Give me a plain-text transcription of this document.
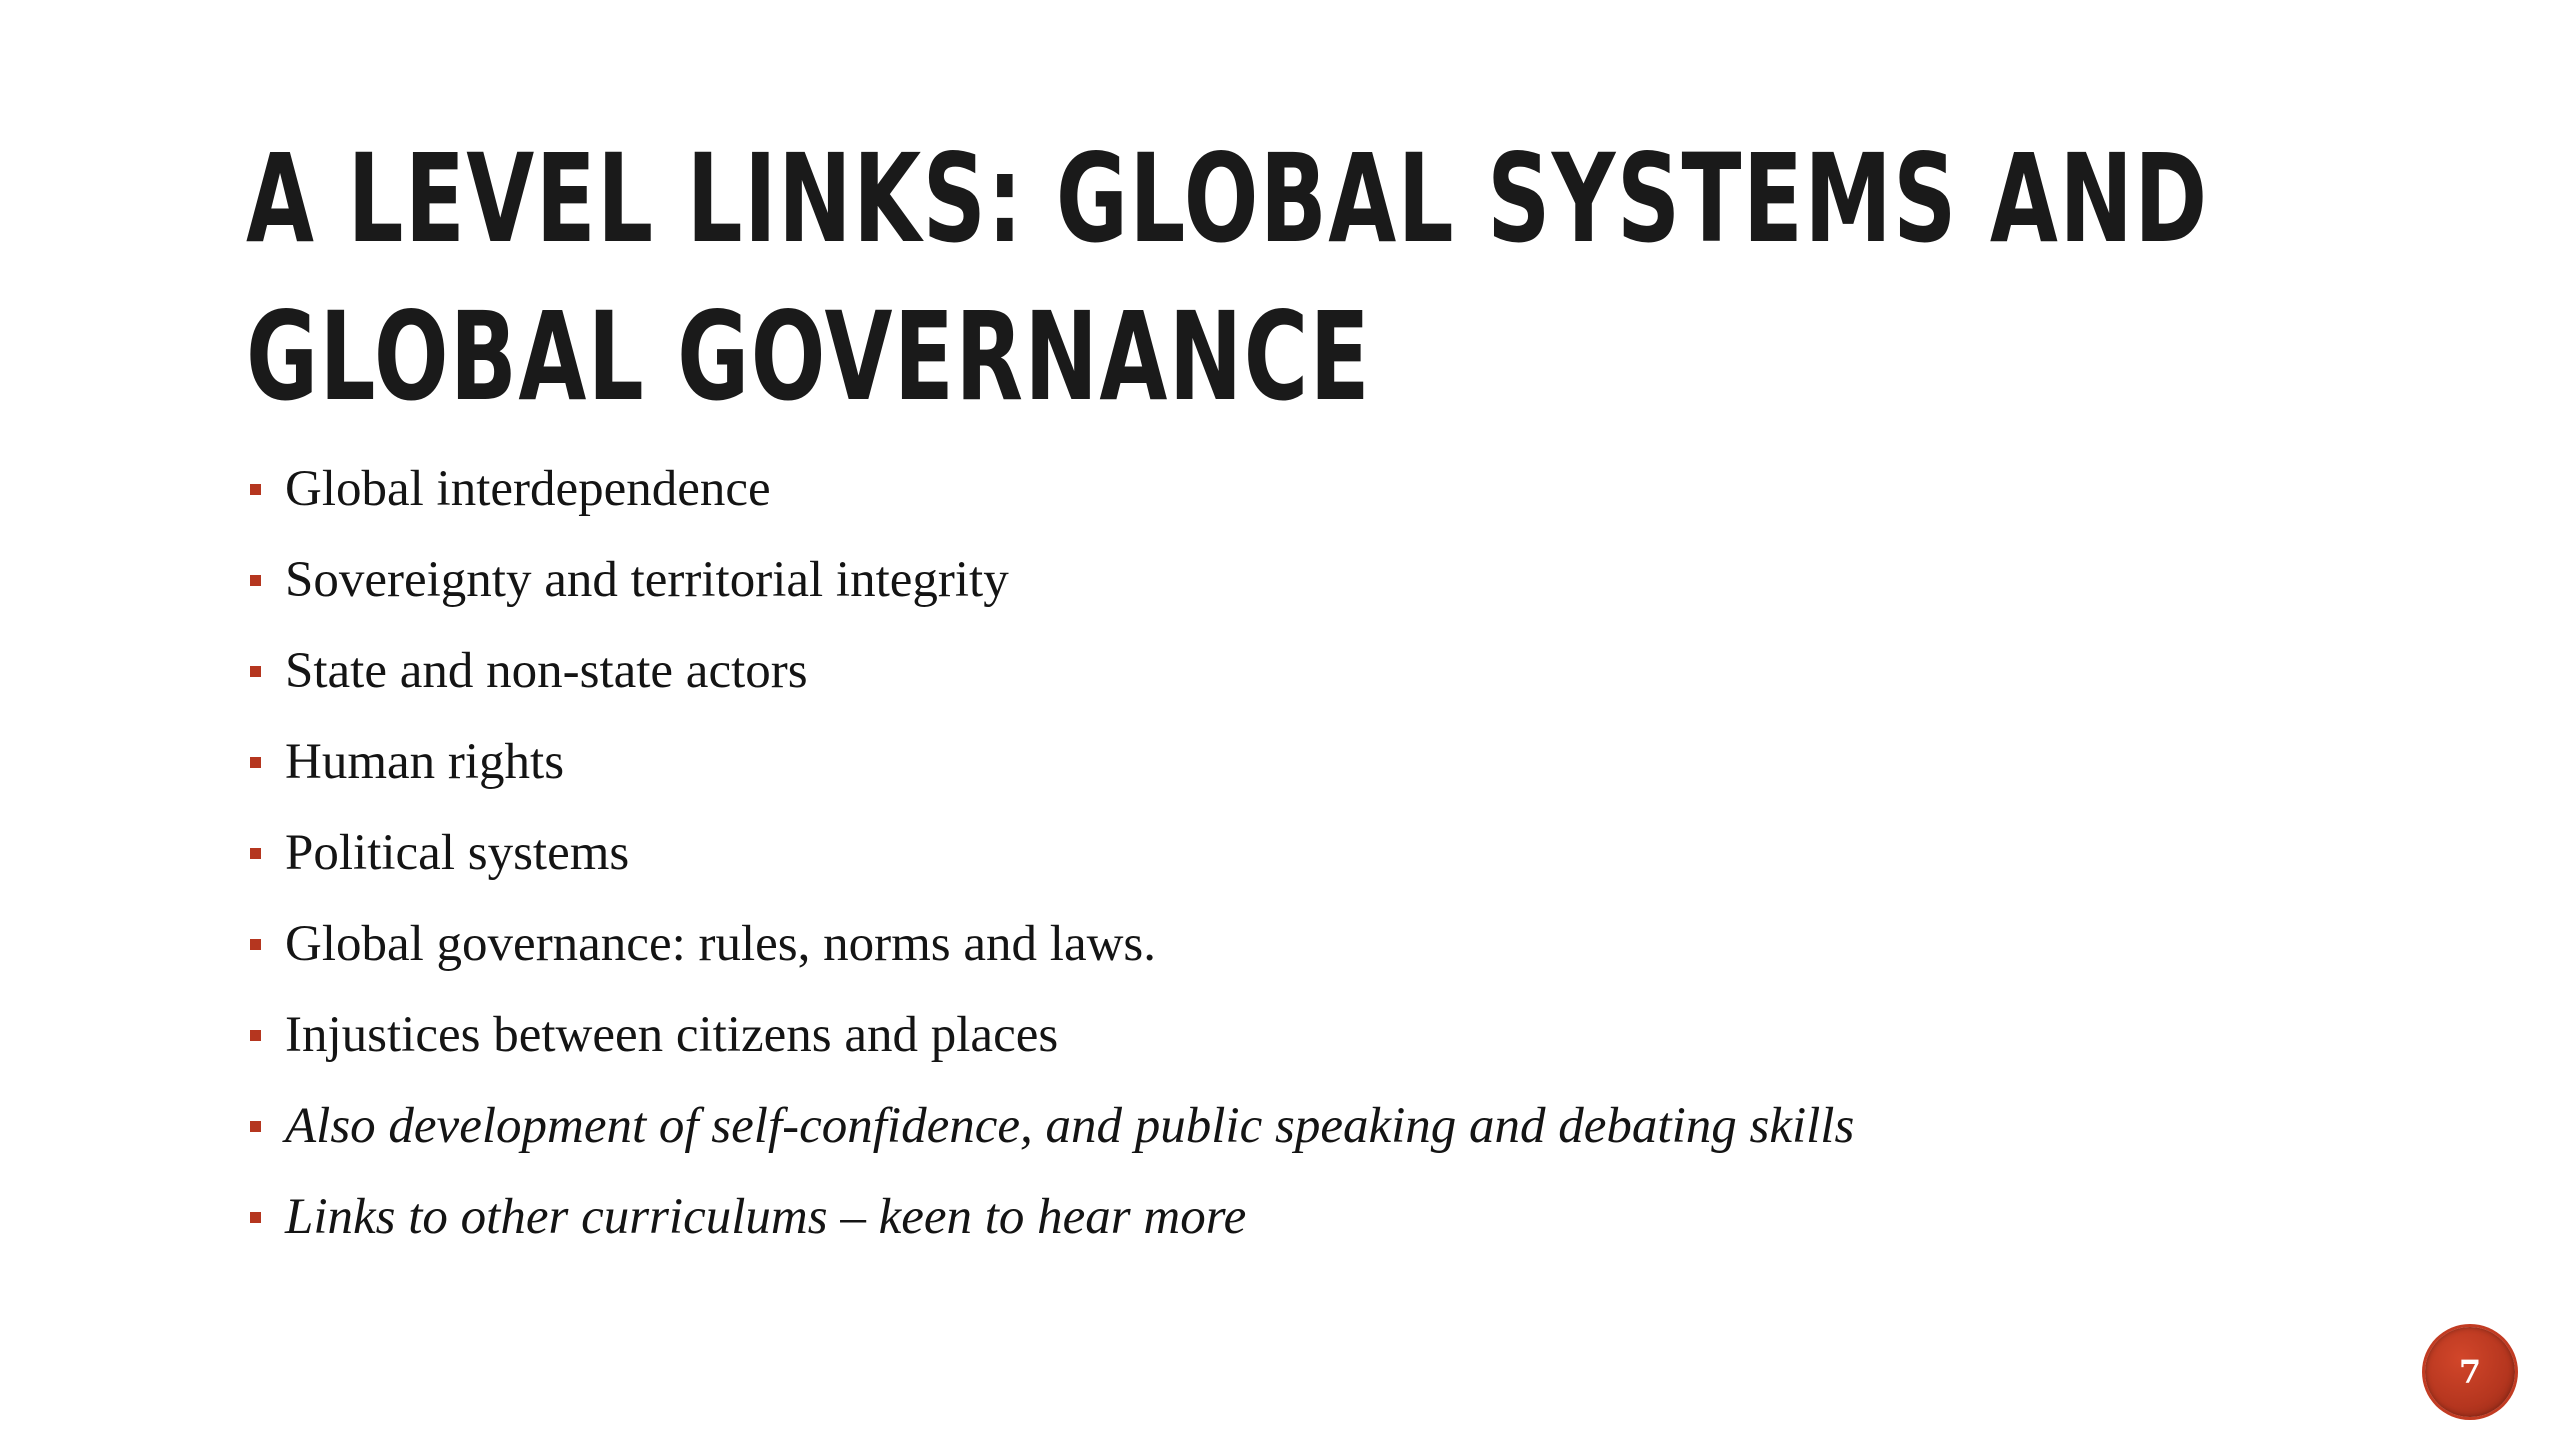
A LEVEL LINKS: GLOBAL SYSTEMS AND
GLOBAL GOVERNANCE
Global interdependence
Sovereignty and territorial integrity
State and non-state actors
Human rights
Political systems
Global governance: rules, norms and laws.
Injustices between citizens and places
Also development of self-confidence, and public speaking and debating skills
Links to other curriculums – keen to hear more
7
